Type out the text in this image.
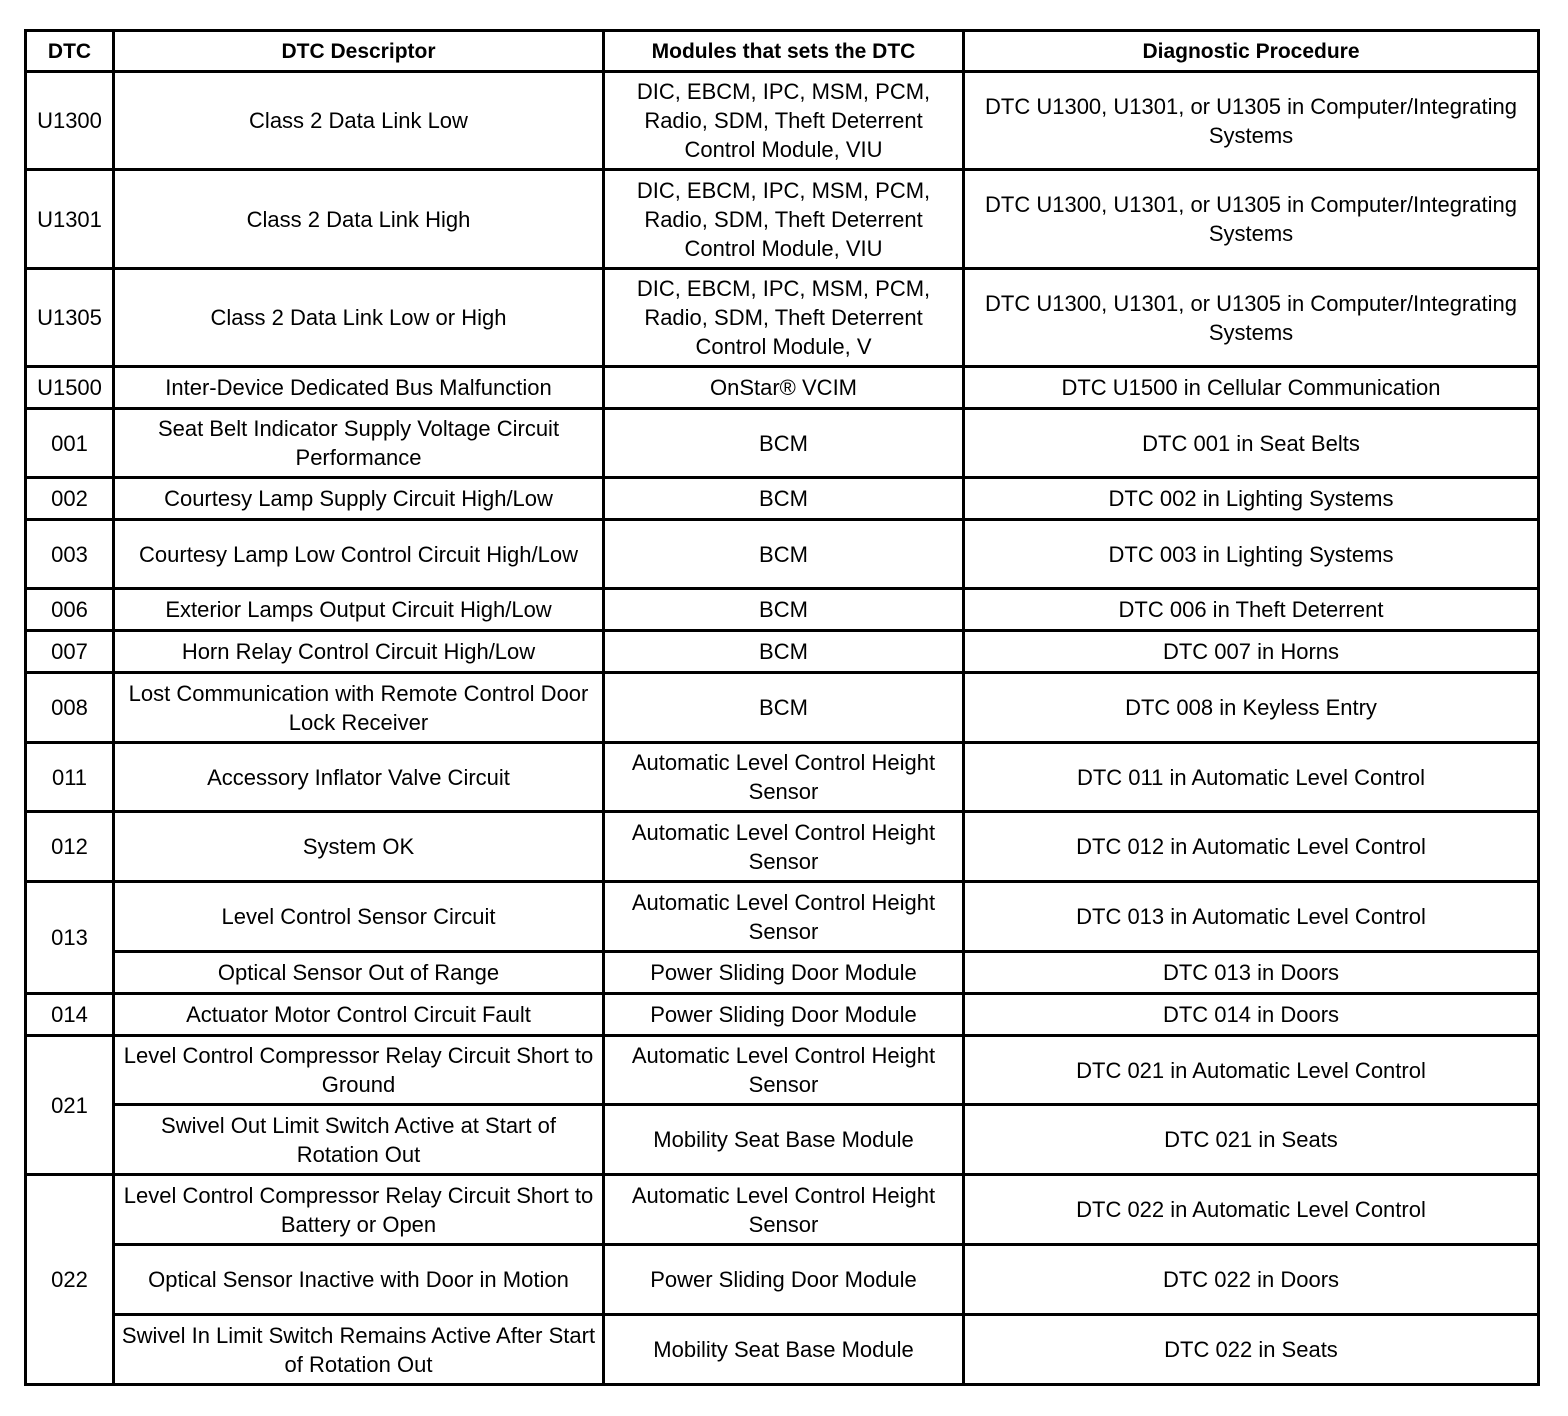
DTC	DTC Descriptor	Modules that sets the DTC	Diagnostic Procedure
U1300	Class 2 Data Link Low	DIC, EBCM, IPC, MSM, PCM, Radio, SDM, Theft Deterrent Control Module, VIU	DTC U1300, U1301, or U1305 in Computer/Integrating Systems
U1301	Class 2 Data Link High	DIC, EBCM, IPC, MSM, PCM, Radio, SDM, Theft Deterrent Control Module, VIU	DTC U1300, U1301, or U1305 in Computer/Integrating Systems
U1305	Class 2 Data Link Low or High	DIC, EBCM, IPC, MSM, PCM, Radio, SDM, Theft Deterrent Control Module, V	DTC U1300, U1301, or U1305 in Computer/Integrating Systems
U1500	Inter-Device Dedicated Bus Malfunction	OnStar® VCIM	DTC U1500 in Cellular Communication
001	Seat Belt Indicator Supply Voltage Circuit Performance	BCM	DTC 001 in Seat Belts
002	Courtesy Lamp Supply Circuit High/Low	BCM	DTC 002 in Lighting Systems
003	Courtesy Lamp Low Control Circuit High/Low	BCM	DTC 003 in Lighting Systems
006	Exterior Lamps Output Circuit High/Low	BCM	DTC 006 in Theft Deterrent
007	Horn Relay Control Circuit High/Low	BCM	DTC 007 in Horns
008	Lost Communication with Remote Control Door Lock Receiver	BCM	DTC 008 in Keyless Entry
011	Accessory Inflator Valve Circuit	Automatic Level Control Height Sensor	DTC 011 in Automatic Level Control
012	System OK	Automatic Level Control Height Sensor	DTC 012 in Automatic Level Control
013	Level Control Sensor Circuit	Automatic Level Control Height Sensor	DTC 013 in Automatic Level Control
	Optical Sensor Out of Range	Power Sliding Door Module	DTC 013 in Doors
014	Actuator Motor Control Circuit Fault	Power Sliding Door Module	DTC 014 in Doors
021	Level Control Compressor Relay Circuit Short to Ground	Automatic Level Control Height Sensor	DTC 021 in Automatic Level Control
	Swivel Out Limit Switch Active at Start of Rotation Out	Mobility Seat Base Module	DTC 021 in Seats
022	Level Control Compressor Relay Circuit Short to Battery or Open	Automatic Level Control Height Sensor	DTC 022 in Automatic Level Control
	Optical Sensor Inactive with Door in Motion	Power Sliding Door Module	DTC 022 in Doors
	Swivel In Limit Switch Remains Active After Start of Rotation Out	Mobility Seat Base Module	DTC 022 in Seats
